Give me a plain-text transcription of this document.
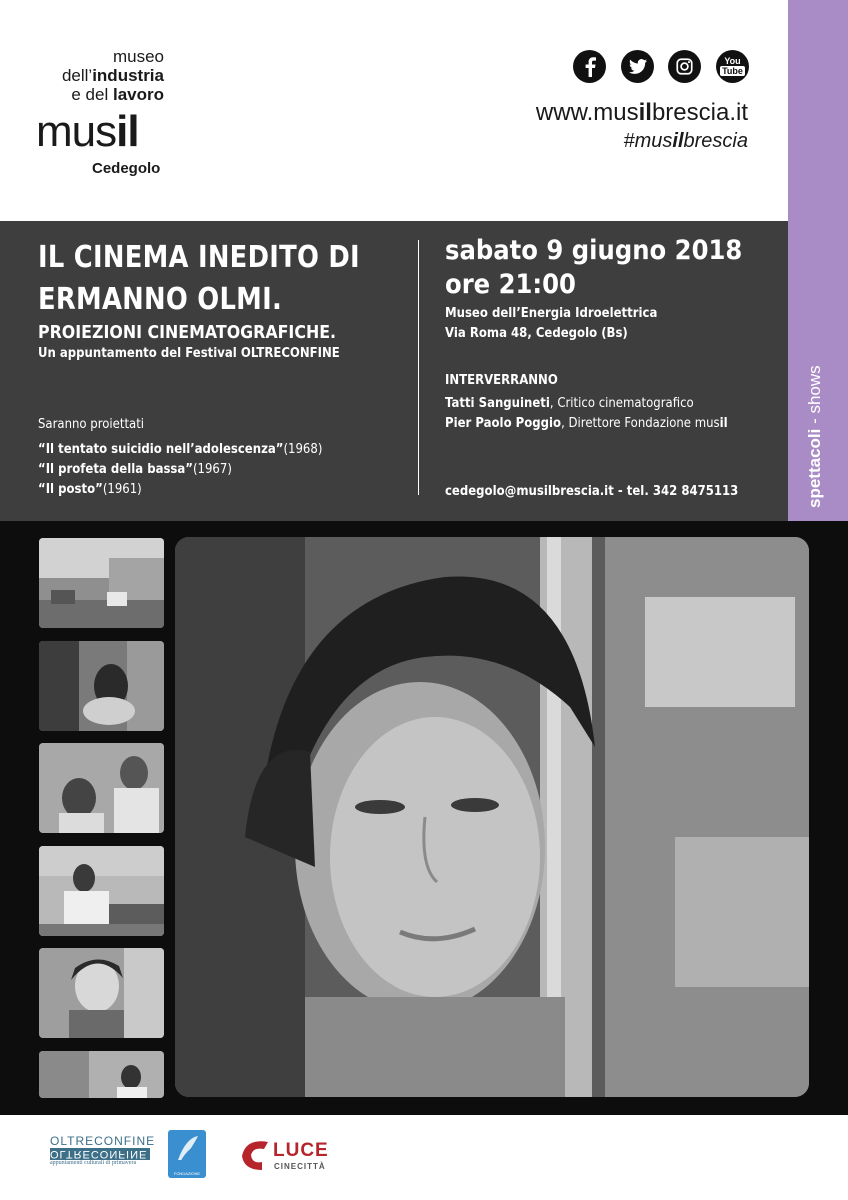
museo
dell’industria
e del lavoro
musil
Cedegolo
You
Tube
www.musilbrescia.it
#musilbrescia
spettacoli - shows
IL CINEMA INEDITO DI
ERMANNO OLMI.
PROIEZIONI CINEMATOGRAFICHE.
Un appuntamento del Festival OLTRECONFINE
Saranno proiettati
“Il tentato suicidio nell’adolescenza”(1968)
“Il profeta della bassa”(1967)
“Il posto”(1961)
sabato 9 giugno 2018
ore 21:00
Museo dell’Energia Idroelettrica
Via Roma 48, Cedegolo (Bs)
INTERVERRANNO
Tatti Sanguineti, Critico cinematografico
Pier Paolo Poggio, Direttore Fondazione musil
cedegolo@musilbrescia.it - tel. 342 8475113
OLTRECONFINE
OLTRECONFINE
appuntamenti culturali di primavera
FONDAZIONE
LUCE
CINECITTÀ
